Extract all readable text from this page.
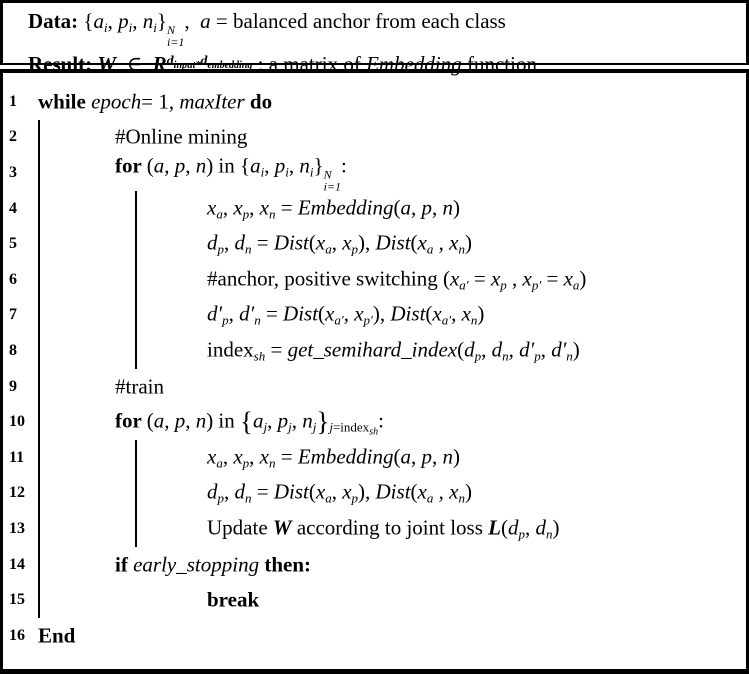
Data: {ai, pi, ni} N
i=1
,  a = balanced anchor from each class
Result: W  ∈  $R^dinput*^dembedding$ : a matrix of Embedding function
1 while epoch= 1, maxIter do
2	#Online mining
3	for (a, p, n) in {ai, pi, ni} N
i=1
:
4	xa, xp, xn = Embedding(a, p, n)
5	dp, dn = Dist(xa, xp), Dist(xa , xn)
6	#anchor, positive switching (xa′ = xp , xp′ = xa)
7	d′p, d′n = Dist(xa′, xp′), Dist(xa′, xn)
8	indexsh = get_semihard_index(dp, dn, d′p, d′n)
9	#train
10	for (a, p, n) in {aj, pj, nj}j=index$_{sh}$:
11	xa, xp, xn = Embedding(a, p, n)
12	dp, dn = Dist(xa, xp), Dist(xa , xn)
13	Update W according to joint loss L(dp, dn)
14	if early_stopping then:
15	break
16 End
